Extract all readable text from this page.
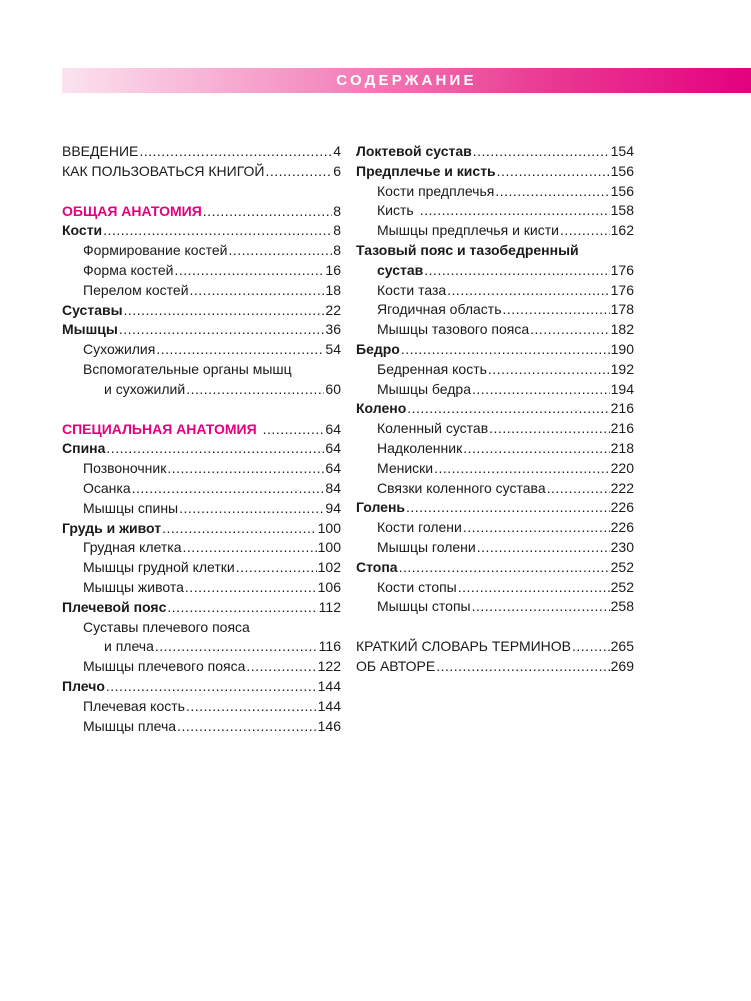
СОДЕРЖАНИЕ
ВВЕДЕНИЕ .....	4
КАК ПОЛЬЗОВАТЬСЯ КНИГОЙ .....	6
ОБЩАЯ АНАТОМИЯ .....	8
Кости .....	8
Формирование костей .....	8
Форма костей .....	16
Перелом костей .....	18
Суставы .....	22
Мышцы .....	36
Сухожилия .....	54
Вспомогательные органы мышц
и сухожилий .....	60
СПЕЦИАЛЬНАЯ АНАТОМИЯ .....	64
Спина .....	64
Позвоночник .....	64
Осанка .....	84
Мышцы спины .....	94
Грудь и живот .....	100
Грудная клетка .....	100
Мышцы грудной клетки .....	102
Мышцы живота .....	106
Плечевой пояс .....	112
Суставы плечевого пояса
и плеча .....	116
Мышцы плечевого пояса .....	122
Плечо .....	144
Плечевая кость .....	144
Мышцы плеча .....	146
Локтевой сустав .....	154
Предплечье и кисть .....	156
Кости предплечья .....	156
Кисть .....	158
Мышцы предплечья и кисти .....	162
Тазовый пояс и тазобедренный
сустав .....	176
Кости таза .....	176
Ягодичная область .....	178
Мышцы тазового пояса .....	182
Бедро .....	190
Бедренная кость .....	192
Мышцы бедра .....	194
Колено .....	216
Коленный сустав .....	216
Надколенник .....	218
Мениски .....	220
Связки коленного сустава .....	222
Голень .....	226
Кости голени .....	226
Мышцы голени .....	230
Стопа .....	252
Кости стопы .....	252
Мышцы стопы .....	258
КРАТКИЙ СЛОВАРЬ ТЕРМИНОВ .....	265
ОБ АВТОРЕ .....	269
